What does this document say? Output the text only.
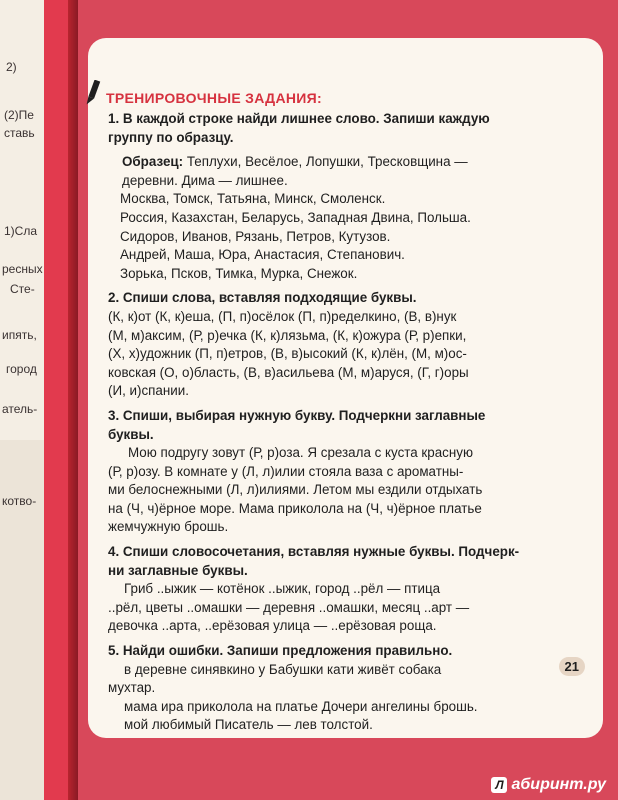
2)
(2)Пе
ставь
1)Сла
ресных
Сте-
ипять,
город
атель-
котво-
ТРЕНИРОВОЧНЫЕ ЗАДАНИЯ:

1. В каждой строке найди лишнее слово. Запиши каждую
группу по образцу.

Образец: Теплухи, Весёлое, Лопушки, Тресковщина —
деревни. Дима — лишнее.
Москва, Томск, Татьяна, Минск, Смоленск.
Россия, Казахстан, Беларусь, Западная Двина, Польша.
Сидоров, Иванов, Рязань, Петров, Кутузов.
Андрей, Маша, Юра, Анастасия, Степанович.
Зорька, Псков, Тимка, Мурка, Снежок.

2. Спиши слова, вставляя подходящие буквы.

(К, к)от (К, к)еша, (П, п)осёлок (П, п)ределкино, (В, в)нук
(М, м)аксим, (Р, р)ечка (К, к)лязьма, (К, к)ожура (Р, р)епки,
(Х, х)удожник (П, п)етров, (В, в)ысокий (К, к)лён, (М, м)ос-
ковская (О, о)бласть, (В, в)асильева (М, м)аруся, (Г, г)оры
(И, и)спании.

3. Спиши, выбирая нужную букву. Подчеркни заглавные
буквы.

Мою подругу зовут (Р, р)оза. Я срезала с куста красную
(Р, р)озу. В комнате у (Л, л)илии стояла ваза с ароматны-
ми белоснежными (Л, л)илиями. Летом мы ездили отдыхать
на (Ч, ч)ёрное море. Мама приколола на (Ч, ч)ёрное платье
жемчужную брошь.

4. Спиши словосочетания, вставляя нужные буквы. Подчерк-
ни заглавные буквы.

Гриб ..ыжик — котёнок ..ыжик, город ..рёл — птица
..рёл, цветы ..омашки — деревня ..омашки, месяц ..арт —
девочка ..арта, ..ерёзовая улица — ..ерёзовая роща.

5. Найди ошибки. Запиши предложения правильно.

в деревне синявкино у Бабушки кати живёт собака
мухтар.
мама ира приколола на платье Дочери ангелины брошь.
мой любимый Писатель — лев толстой.
21
Л абиринт.ру
